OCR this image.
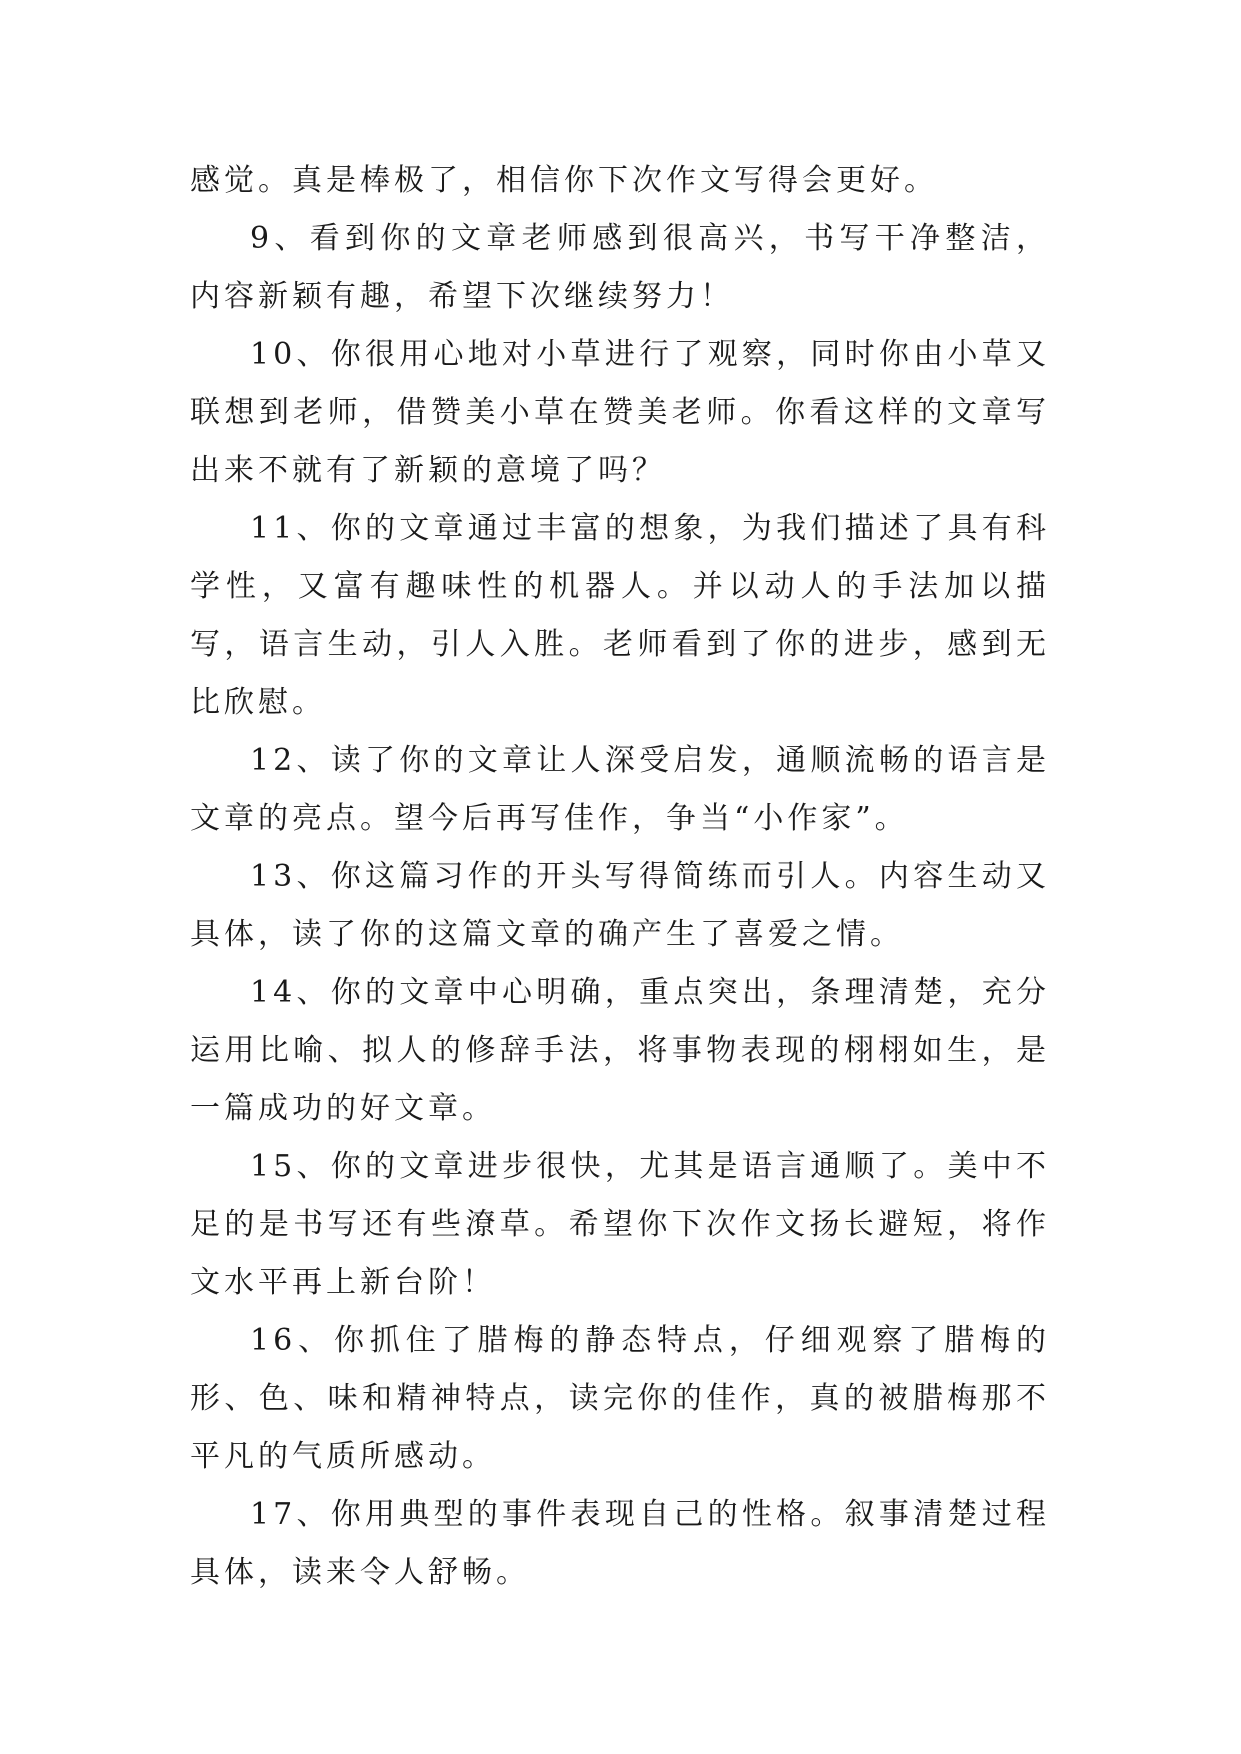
感觉。真是棒极了，相信你下次作文写得会更好。

9、看到你的文章老师感到很高兴，书写干净整洁，内容新颖有趣，希望下次继续努力！

10、你很用心地对小草进行了观察，同时你由小草又联想到老师，借赞美小草在赞美老师。你看这样的文章写出来不就有了新颖的意境了吗？

11、你的文章通过丰富的想象，为我们描述了具有科学性，又富有趣味性的机器人。并以动人的手法加以描写，语言生动，引人入胜。老师看到了你的进步，感到无比欣慰。

12、读了你的文章让人深受启发，通顺流畅的语言是文章的亮点。望今后再写佳作，争当“小作家”。

13、你这篇习作的开头写得简练而引人。内容生动又具体，读了你的这篇文章的确产生了喜爱之情。

14、你的文章中心明确，重点突出，条理清楚，充分运用比喻、拟人的修辞手法，将事物表现的栩栩如生，是一篇成功的好文章。

15、你的文章进步很快，尤其是语言通顺了。美中不足的是书写还有些潦草。希望你下次作文扬长避短，将作文水平再上新台阶！

16、你抓住了腊梅的静态特点，仔细观察了腊梅的形、色、味和精神特点，读完你的佳作，真的被腊梅那不平凡的气质所感动。

17、你用典型的事件表现自己的性格。叙事清楚过程具体，读来令人舒畅。
